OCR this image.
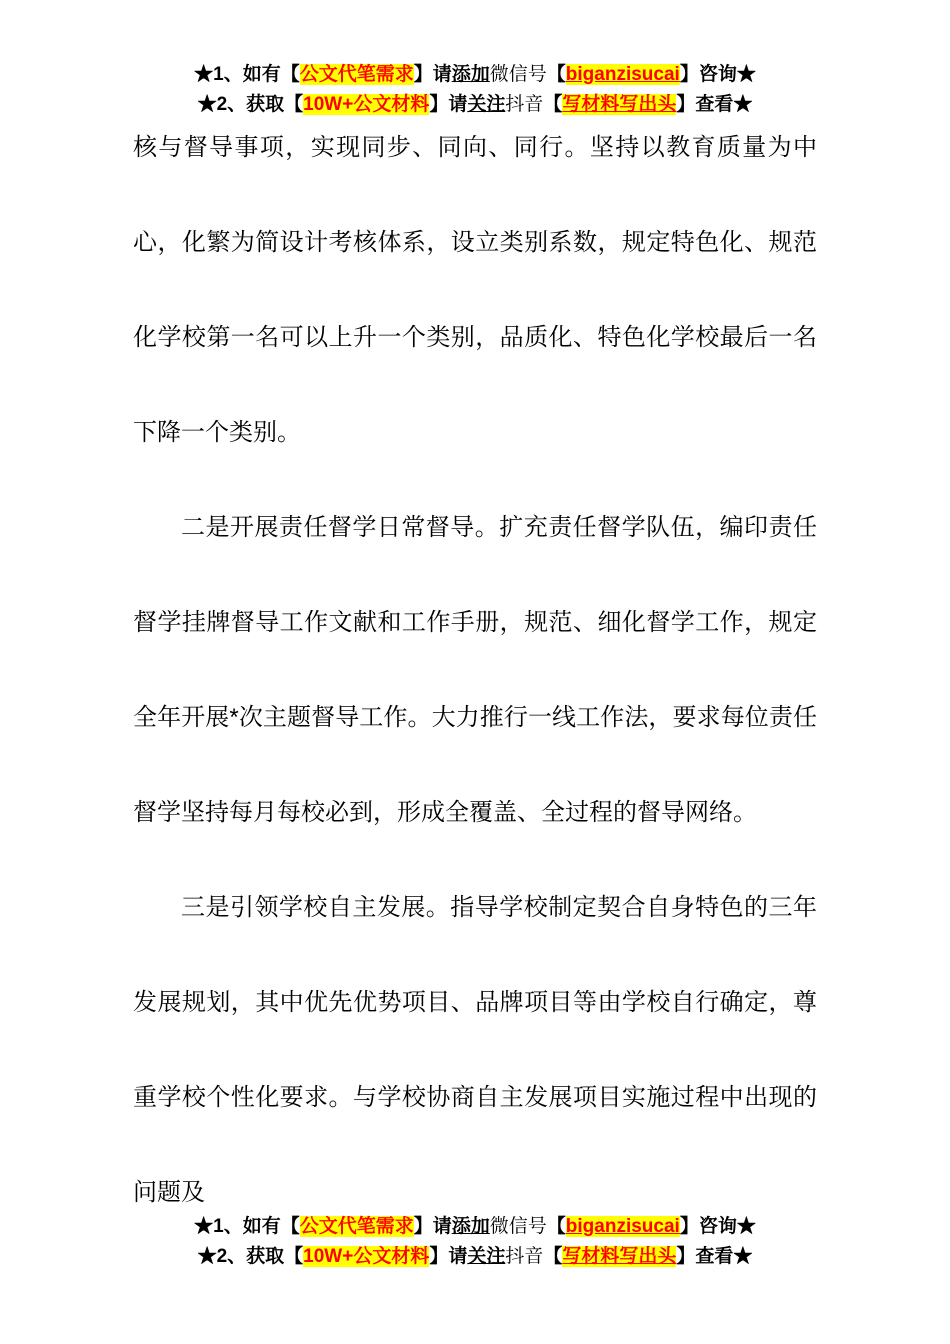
★1、如有【公文代笔需求】请添加微信号【biganzisucai】咨询★
★2、获取【10W+公文材料】请关注抖音【写材料写出头】查看★

核与督导事项，实现同步、同向、同行。坚持以教育质量为中心，化繁为简设计考核体系，设立类别系数，规定特色化、规范化学校第一名可以上升一个类别，品质化、特色化学校最后一名下降一个类别。

二是开展责任督学日常督导。扩充责任督学队伍，编印责任督学挂牌督导工作文献和工作手册，规范、细化督学工作，规定全年开展*次主题督导工作。大力推行一线工作法，要求每位责任督学坚持每月每校必到，形成全覆盖、全过程的督导网络。

三是引领学校自主发展。指导学校制定契合自身特色的三年发展规划，其中优先优势项目、品牌项目等由学校自行确定，尊重学校个性化要求。与学校协商自主发展项目实施过程中出现的问题及

★1、如有【公文代笔需求】请添加微信号【biganzisucai】咨询★
★2、获取【10W+公文材料】请关注抖音【写材料写出头】查看★
